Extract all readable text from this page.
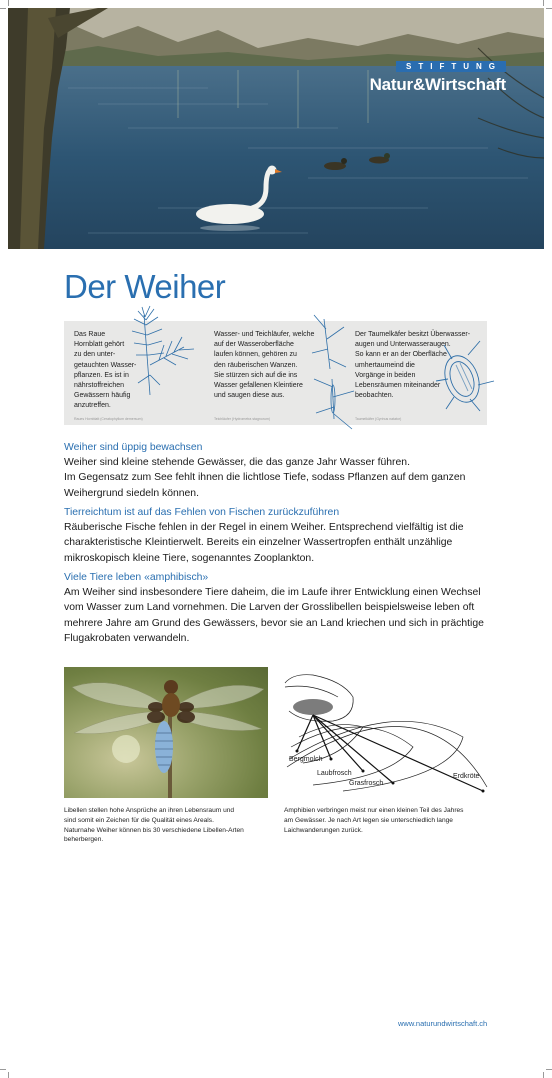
STIFTUNG
Natur&Wirtschaft
Der Weiher
Das Raue
Hornblatt gehört
zu den unter-
getauchten Wasser-
pflanzen. Es ist in
nährstoffreichen
Gewässern häufig
anzutreffen.
Raues Hornblatt (Ceratophyllum demersum)
Wasser- und Teichläufer, welche
auf der Wasseroberfläche
laufen können, gehören zu
den räuberischen Wanzen.
Sie stürzen sich auf die ins
Wasser gefallenen Kleintiere
und saugen diese aus.
Teichläufer (Hydrometra stagnorum)
Der Taumelkäfer besitzt Überwasser-
augen und Unterwasseraugen.
So kann er an der Oberfläche
umhertaumeind die
Vorgänge in beiden
Lebensräumen miteinander
beobachten.
Taumelkäfer (Gyrinus natator)
Weiher sind üppig bewachsen
Weiher sind kleine stehende Gewässer, die das ganze Jahr Wasser führen.
Im Gegensatz zum See fehlt ihnen die lichtlose Tiefe, sodass Pflanzen auf dem ganzen
Weihergrund siedeln können.
Tierreichtum ist auf das Fehlen von Fischen zurückzuführen
Räuberische Fische fehlen in der Regel in einem Weiher. Entsprechend vielfältig ist die
charakteristische Kleintierwelt. Bereits ein einzelner Wassertropfen enthält unzählige
mikroskopisch kleine Tiere, sogenanntes Zooplankton.
Viele Tiere leben «amphibisch»
Am Weiher sind insbesondere Tiere daheim, die im Laufe ihrer Entwicklung einen Wechsel
vom Wasser zum Land vornehmen. Die Larven der Grosslibellen beispielsweise leben oft
mehrere Jahre am Grund des Gewässers, bevor sie an Land kriechen und sich in prächtige
Flugakrobaten verwandeln.
Bergmolch
Laubfrosch
Grasfrosch
Erdkröte
Libellen stellen hohe Ansprüche an ihren Lebensraum und
sind somit ein Zeichen für die Qualität eines Areals.
Naturnahe Weiher können bis 30 verschiedene Libellen-Arten
beherbergen.
Amphibien verbringen meist nur einen kleinen Teil des Jahres
am Gewässer. Je nach Art legen sie unterschiedlich lange
Laichwanderungen zurück.
www.naturundwirtschaft.ch
